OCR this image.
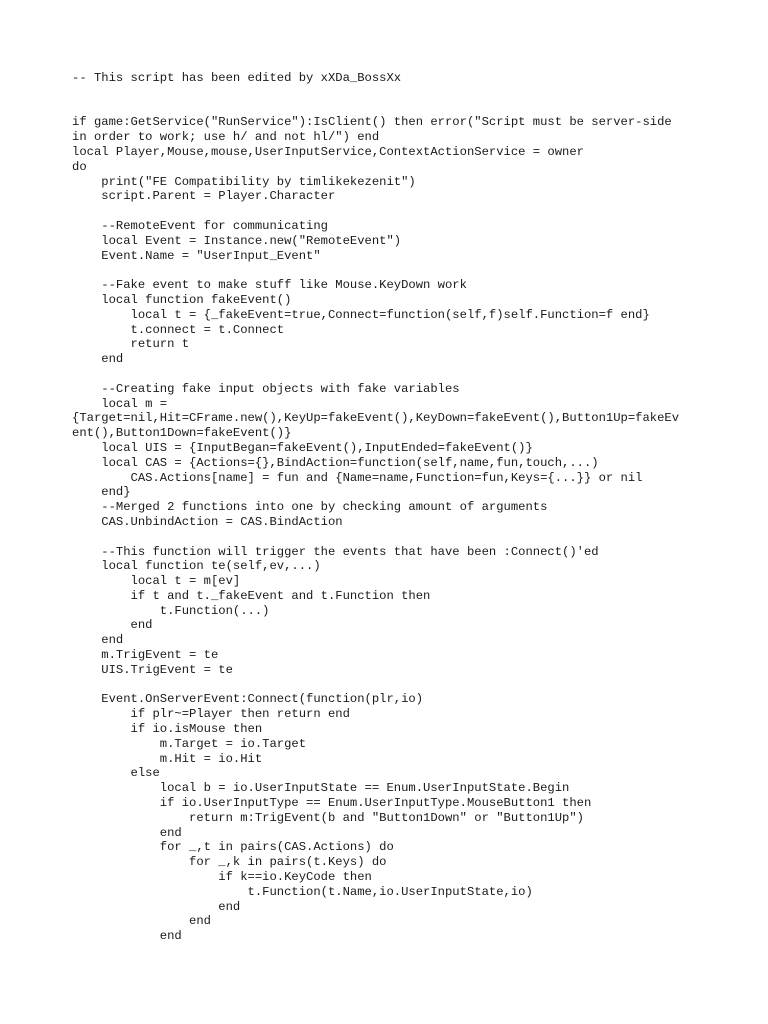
-- This script has been edited by xXDa_BossXx
if game:GetService("RunService"):IsClient() then error("Script must be server-side
in order to work; use h/ and not hl/") end
local Player,Mouse,mouse,UserInputService,ContextActionService = owner
do
print("FE Compatibility by timlikekezenit")
script.Parent = Player.Character
--RemoteEvent for communicating
local Event = Instance.new("RemoteEvent")
Event.Name = "UserInput_Event"
--Fake event to make stuff like Mouse.KeyDown work
local function fakeEvent()
local t = {_fakeEvent=true,Connect=function(self,f)self.Function=f end}
t.connect = t.Connect
return t
end
--Creating fake input objects with fake variables
local m =
{Target=nil,Hit=CFrame.new(),KeyUp=fakeEvent(),KeyDown=fakeEvent(),Button1Up=fakeEv
ent(),Button1Down=fakeEvent()}
local UIS = {InputBegan=fakeEvent(),InputEnded=fakeEvent()}
local CAS = {Actions={},BindAction=function(self,name,fun,touch,...)
CAS.Actions[name] = fun and {Name=name,Function=fun,Keys={...}} or nil
end}
--Merged 2 functions into one by checking amount of arguments
CAS.UnbindAction = CAS.BindAction
--This function will trigger the events that have been :Connect()'ed
local function te(self,ev,...)
local t = m[ev]
if t and t._fakeEvent and t.Function then
t.Function(...)
end
end
m.TrigEvent = te
UIS.TrigEvent = te
Event.OnServerEvent:Connect(function(plr,io)
if plr~=Player then return end
if io.isMouse then
m.Target = io.Target
m.Hit = io.Hit
else
local b = io.UserInputState == Enum.UserInputState.Begin
if io.UserInputType == Enum.UserInputType.MouseButton1 then
return m:TrigEvent(b and "Button1Down" or "Button1Up")
end
for _,t in pairs(CAS.Actions) do
for _,k in pairs(t.Keys) do
if k==io.KeyCode then
t.Function(t.Name,io.UserInputState,io)
end
end
end
